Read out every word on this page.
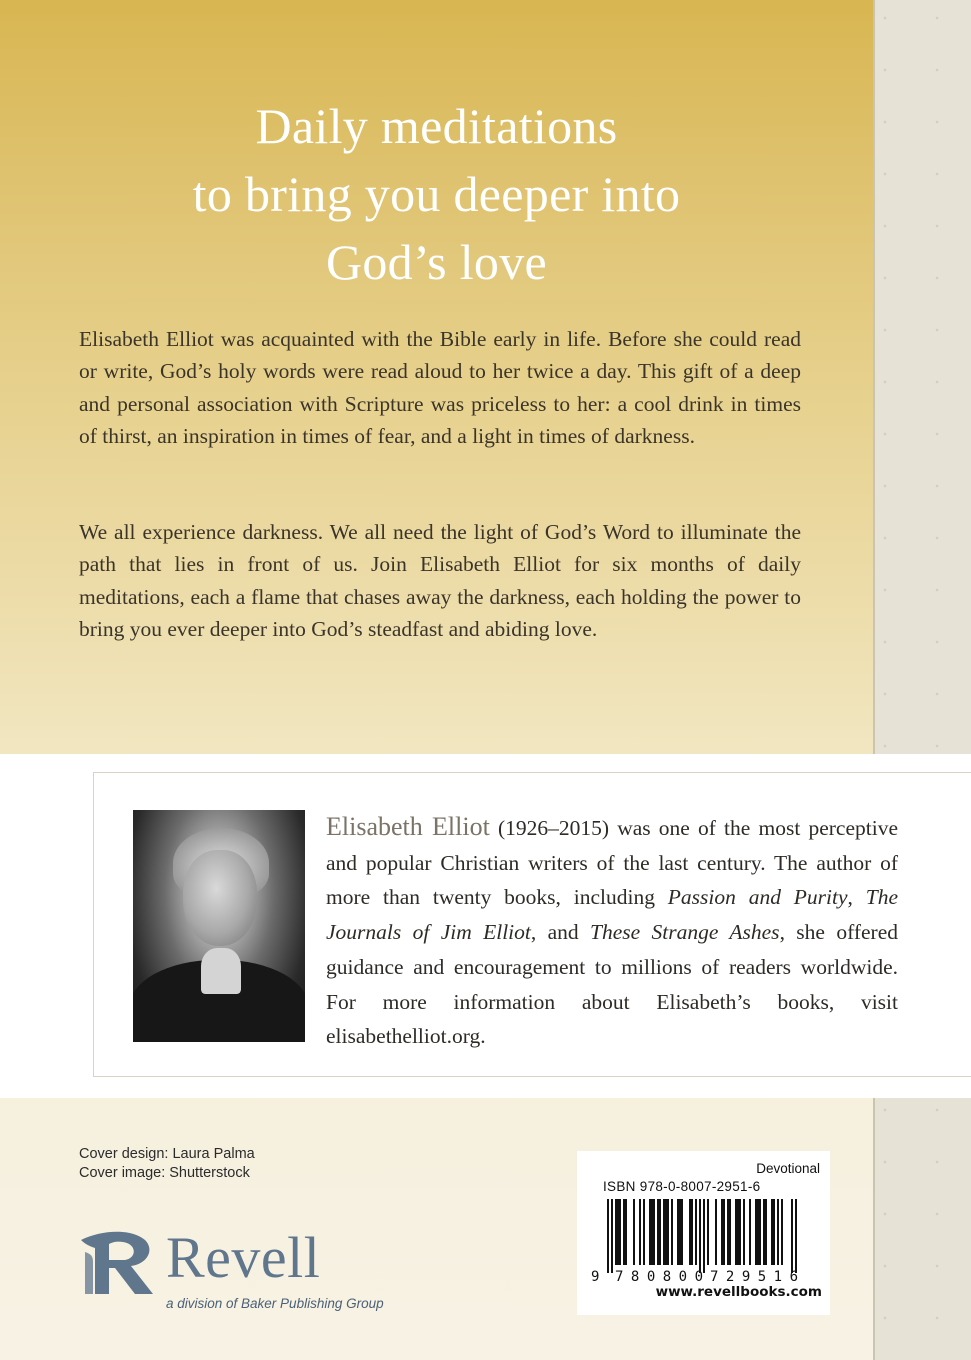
Daily meditations
to bring you deeper into
God’s love

Elisabeth Elliot was acquainted with the Bible early in life. Before she could read or write, God’s holy words were read aloud to her twice a day. This gift of a deep and personal association with Scripture was priceless to her: a cool drink in times of thirst, an inspiration in times of fear, and a light in times of darkness.

We all experience darkness. We all need the light of God’s Word to illuminate the path that lies in front of us. Join Elisabeth Elliot for six months of daily meditations, each a flame that chases away the darkness, each holding the power to bring you ever deeper into God’s steadfast and abiding love.

Elisabeth Elliot (1926–2015) was one of the most perceptive and popular Christian writers of the last century. The author of more than twenty books, including Passion and Purity, The Journals of Jim Elliot, and These Strange Ashes, she offered guidance and encouragement to millions of readers worldwide. For more information about Elisabeth’s books, visit elisabethelliot.org.

Cover design: Laura Palma
Cover image: Shutterstock
Revell
a division of Baker Publishing Group
Devotional
ISBN 978-0-8007-2951-6
9 780800 729516
www.revellbooks.com
